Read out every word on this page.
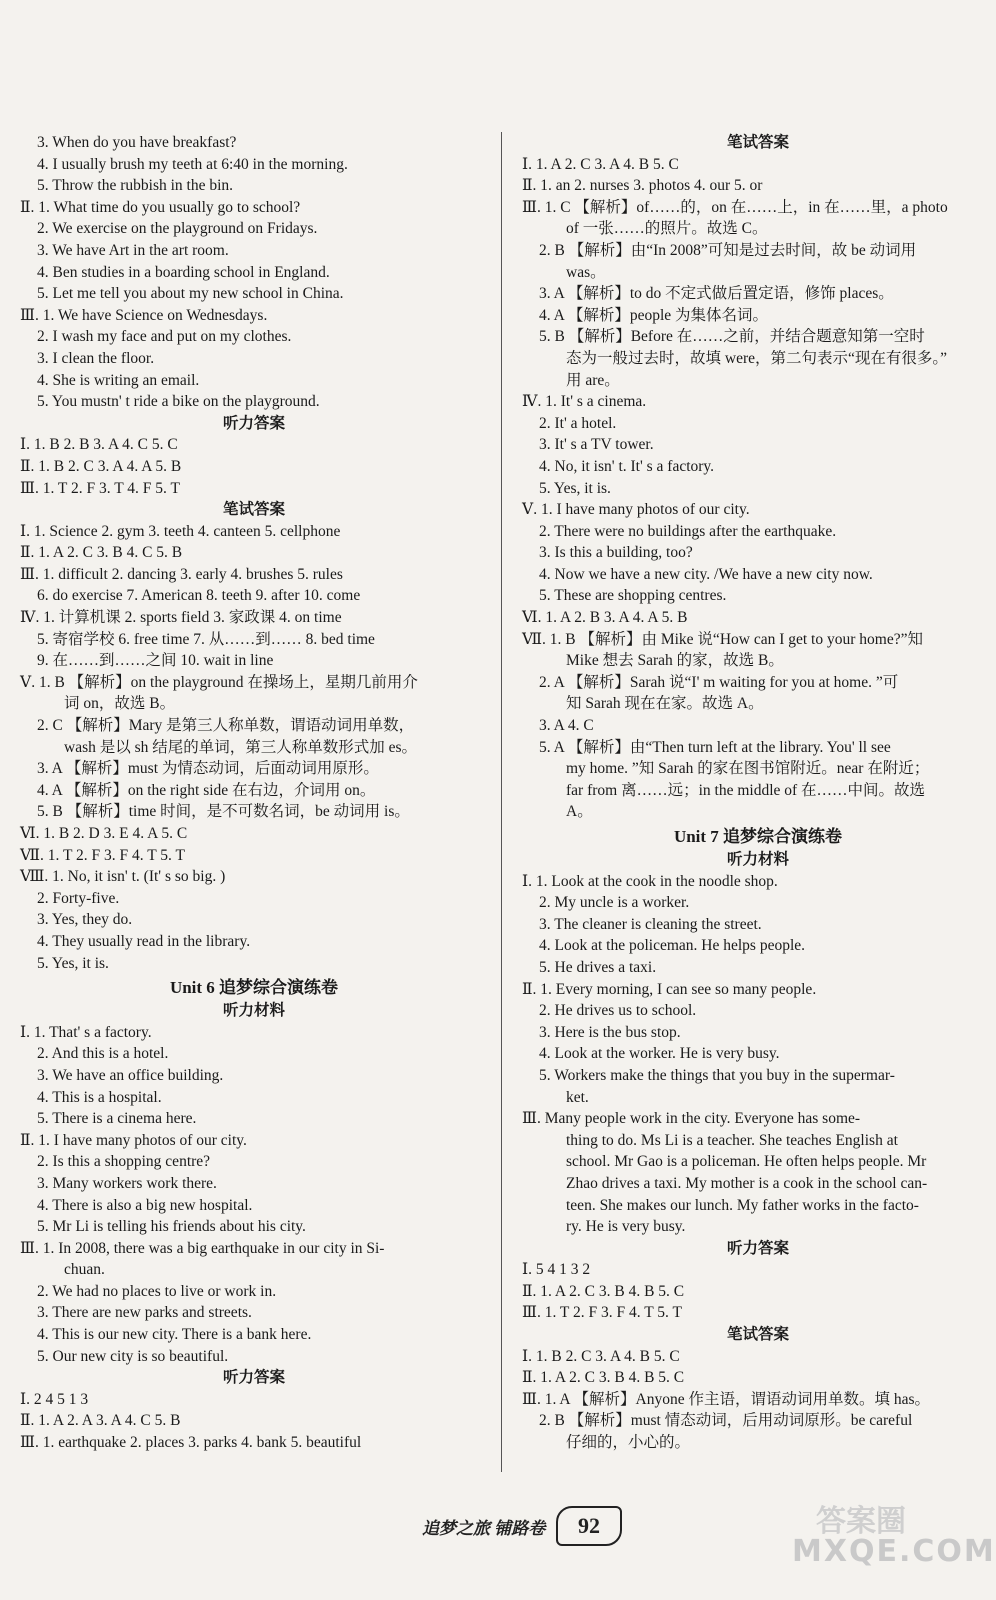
3. When do you have breakfast?
4. I usually brush my teeth at 6:40 in the morning.
5. Throw the rubbish in the bin.
Ⅱ. 1. What time do you usually go to school?
2. We exercise on the playground on Fridays.
3. We have Art in the art room.
4. Ben studies in a boarding school in England.
5. Let me tell you about my new school in China.
Ⅲ. 1. We have Science on Wednesdays.
2. I wash my face and put on my clothes.
3. I clean the floor.
4. She is writing an email.
5. You mustn' t ride a bike on the playground.
听力答案
Ⅰ. 1. B 2. B 3. A 4. C 5. C
Ⅱ. 1. B 2. C 3. A 4. A 5. B
Ⅲ. 1. T 2. F 3. T 4. F 5. T
笔试答案
Ⅰ. 1. Science 2. gym 3. teeth 4. canteen 5. cellphone
Ⅱ. 1. A 2. C 3. B 4. C 5. B
Ⅲ. 1. difficult 2. dancing 3. early 4. brushes 5. rules
6. do exercise 7. American 8. teeth 9. after 10. come
Ⅳ. 1. 计算机课 2. sports field 3. 家政课 4. on time
5. 寄宿学校 6. free time 7. 从……到…… 8. bed time
9. 在……到……之间 10. wait in line
Ⅴ. 1. B 【解析】on the playground 在操场上，星期几前用介
词 on，故选 B。
2. C 【解析】Mary 是第三人称单数，谓语动词用单数，
wash 是以 sh 结尾的单词，第三人称单数形式加 es。
3. A 【解析】must 为情态动词，后面动词用原形。
4. A 【解析】on the right side 在右边，介词用 on。
5. B 【解析】time 时间，是不可数名词，be 动词用 is。
Ⅵ. 1. B 2. D 3. E 4. A 5. C
Ⅶ. 1. T 2. F 3. F 4. T 5. T
Ⅷ. 1. No, it isn' t. (It' s so big. )
2. Forty-five.
3. Yes, they do.
4. They usually read in the library.
5. Yes, it is.
Unit 6 追梦综合演练卷
听力材料
Ⅰ. 1. That' s a factory.
2. And this is a hotel.
3. We have an office building.
4. This is a hospital.
5. There is a cinema here.
Ⅱ. 1. I have many photos of our city.
2. Is this a shopping centre?
3. Many workers work there.
4. There is also a big new hospital.
5. Mr Li is telling his friends about his city.
Ⅲ. 1. In 2008, there was a big earthquake in our city in Si-
chuan.
2. We had no places to live or work in.
3. There are new parks and streets.
4. This is our new city. There is a bank here.
5. Our new city is so beautiful.
听力答案
Ⅰ. 2 4 5 1 3
Ⅱ. 1. A 2. A 3. A 4. C 5. B
Ⅲ. 1. earthquake 2. places 3. parks 4. bank 5. beautiful
笔试答案
Ⅰ. 1. A 2. C 3. A 4. B 5. C
Ⅱ. 1. an 2. nurses 3. photos 4. our 5. or
Ⅲ. 1. C 【解析】of……的，on 在……上，in 在……里，a photo
of 一张……的照片。故选 C。
2. B 【解析】由“In 2008”可知是过去时间，故 be 动词用
was。
3. A 【解析】to do 不定式做后置定语，修饰 places。
4. A 【解析】people 为集体名词。
5. B 【解析】Before 在……之前，并结合题意知第一空时
态为一般过去时，故填 were，第二句表示“现在有很多。”
用 are。
Ⅳ. 1. It' s a cinema.
2. It' a hotel.
3. It' s a TV tower.
4. No, it isn' t. It' s a factory.
5. Yes, it is.
Ⅴ. 1. I have many photos of our city.
2. There were no buildings after the earthquake.
3. Is this a building, too?
4. Now we have a new city. /We have a new city now.
5. These are shopping centres.
Ⅵ. 1. A 2. B 3. A 4. A 5. B
Ⅶ. 1. B 【解析】由 Mike 说“How can I get to your home?”知
Mike 想去 Sarah 的家，故选 B。
2. A 【解析】Sarah 说“I' m waiting for you at home. ”可
知 Sarah 现在在家。故选 A。
3. A 4. C
5. A 【解析】由“Then turn left at the library. You' ll see
my home. ”知 Sarah 的家在图书馆附近。near 在附近；
far from 离……远；in the middle of 在……中间。故选
A。
Unit 7 追梦综合演练卷
听力材料
Ⅰ. 1. Look at the cook in the noodle shop.
2. My uncle is a worker.
3. The cleaner is cleaning the street.
4. Look at the policeman. He helps people.
5. He drives a taxi.
Ⅱ. 1. Every morning, I can see so many people.
2. He drives us to school.
3. Here is the bus stop.
4. Look at the worker. He is very busy.
5. Workers make the things that you buy in the supermar-
ket.
Ⅲ. Many people work in the city. Everyone has some-
thing to do. Ms Li is a teacher. She teaches English at
school. Mr Gao is a policeman. He often helps people. Mr
Zhao drives a taxi. My mother is a cook in the school can-
teen. She makes our lunch. My father works in the facto-
ry. He is very busy.
听力答案
Ⅰ. 5 4 1 3 2
Ⅱ. 1. A 2. C 3. B 4. B 5. C
Ⅲ. 1. T 2. F 3. F 4. T 5. T
笔试答案
Ⅰ. 1. B 2. C 3. A 4. B 5. C
Ⅱ. 1. A 2. C 3. B 4. B 5. C
Ⅲ. 1. A 【解析】Anyone 作主语，谓语动词用单数。填 has。
2. B 【解析】must 情态动词，后用动词原形。be careful
仔细的，小心的。
追梦之旅 铺路卷	92	答案圈
MXQE.COM
